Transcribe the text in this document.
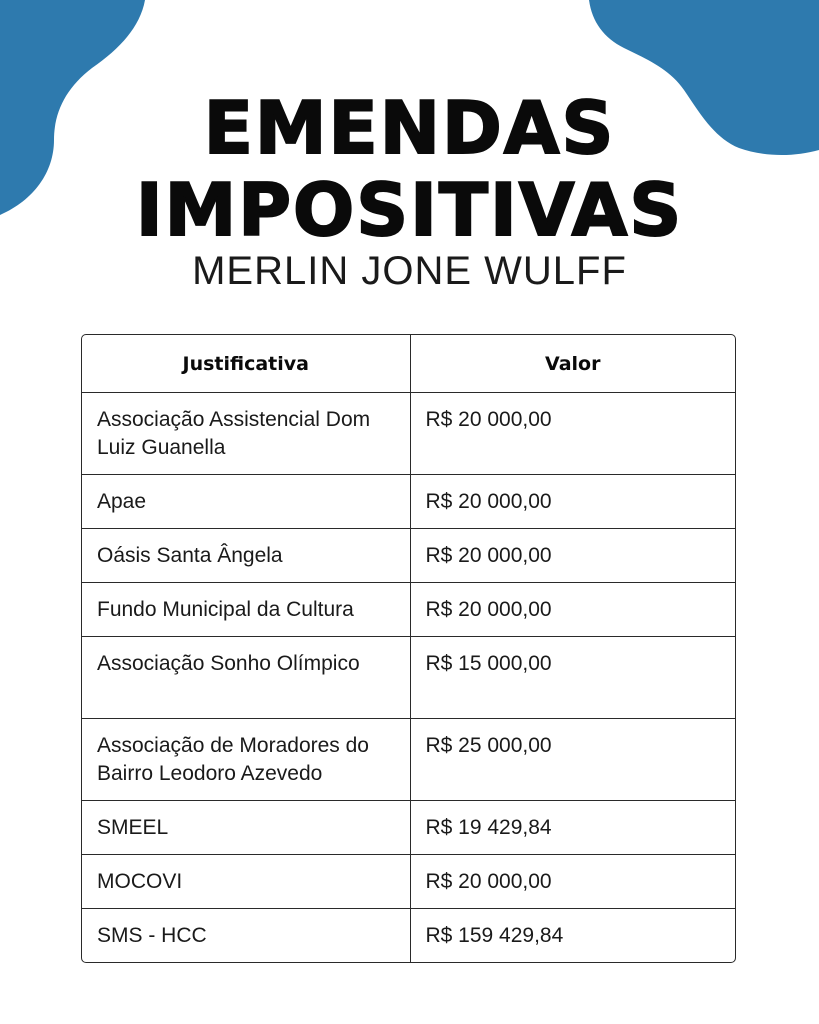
EMENDAS
IMPOSITIVAS
MERLIN JONE WULFF
Justificativa	Valor
Associação Assistencial Dom Luiz Guanella	R$ 20 000,00
Apae	R$ 20 000,00
Oásis Santa Ângela	R$ 20 000,00
Fundo Municipal da Cultura	R$ 20 000,00
Associação Sonho Olímpico	R$ 15 000,00
Associação de Moradores do Bairro Leodoro Azevedo	R$ 25 000,00
SMEEL	R$ 19 429,84
MOCOVI	R$ 20 000,00
SMS - HCC	R$ 159 429,84
